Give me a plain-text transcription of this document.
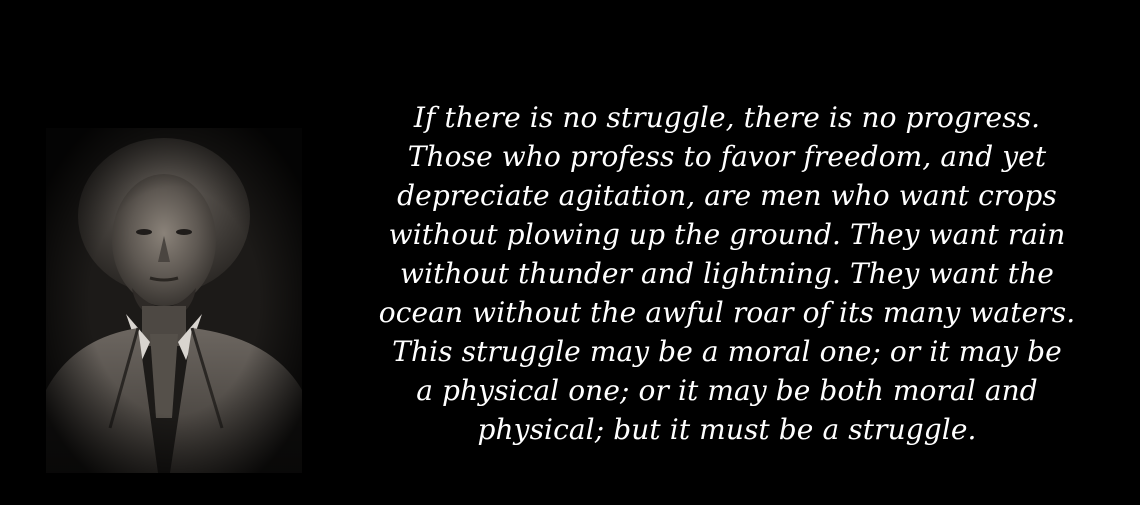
If there is no struggle, there is no progress.
Those who profess to favor freedom, and yet
depreciate agitation, are men who want crops
without plowing up the ground. They want rain
without thunder and lightning. They want the
ocean without the awful roar of its many waters.
This struggle may be a moral one; or it may be
a physical one; or it may be both moral and
physical; but it must be a struggle.
